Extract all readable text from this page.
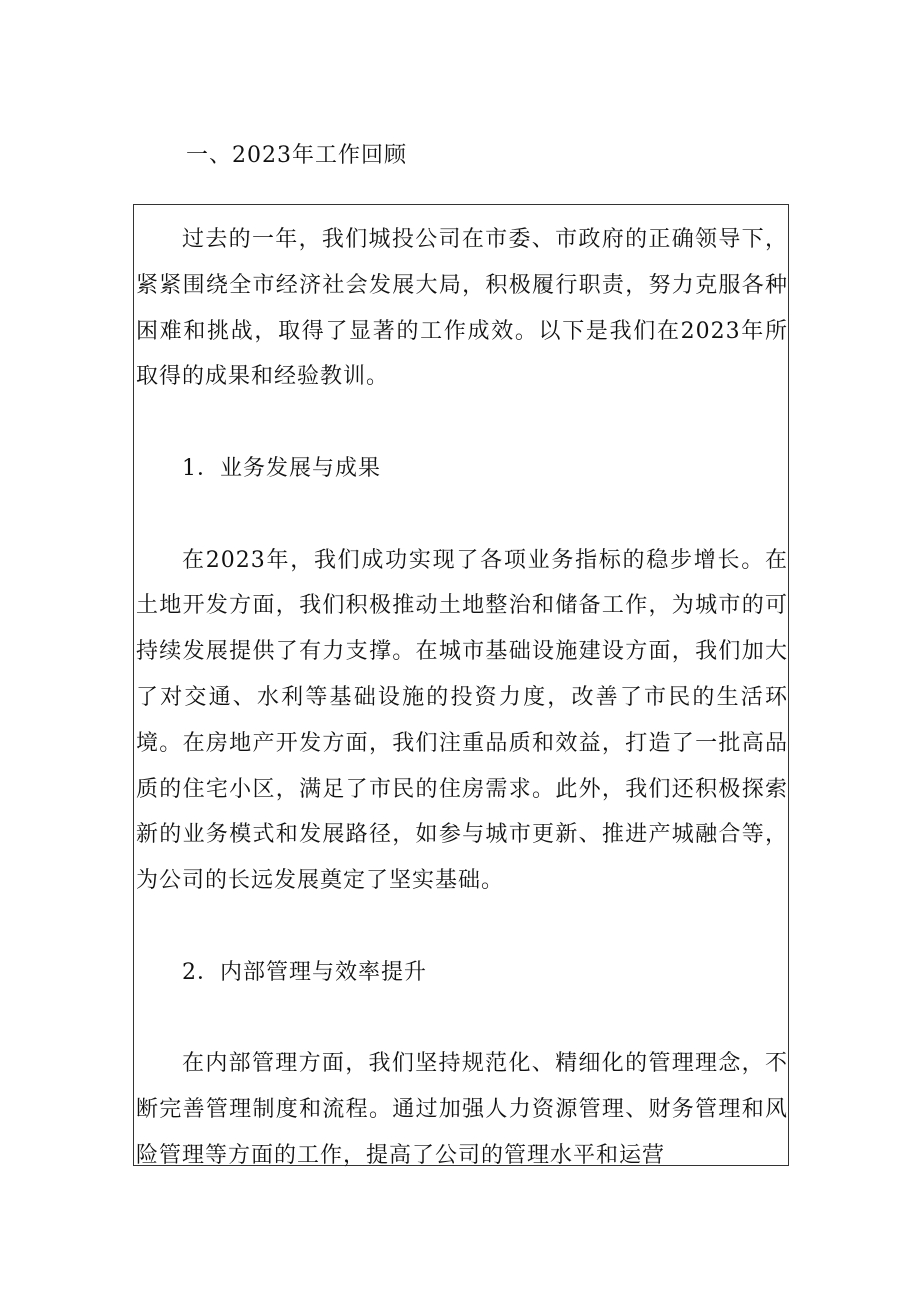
一、2023年工作回顾

过去的一年，我们城投公司在市委、市政府的正确领导下，紧紧围绕全市经济社会发展大局，积极履行职责，努力克服各种困难和挑战，取得了显著的工作成效。以下是我们在2023年所取得的成果和经验教训。

1．业务发展与成果

在2023年，我们成功实现了各项业务指标的稳步增长。在土地开发方面，我们积极推动土地整治和储备工作，为城市的可持续发展提供了有力支撑。在城市基础设施建设方面，我们加大了对交通、水利等基础设施的投资力度，改善了市民的生活环境。在房地产开发方面，我们注重品质和效益，打造了一批高品质的住宅小区，满足了市民的住房需求。此外，我们还积极探索新的业务模式和发展路径，如参与城市更新、推进产城融合等，为公司的长远发展奠定了坚实基础。

2．内部管理与效率提升

在内部管理方面，我们坚持规范化、精细化的管理理念，不断完善管理制度和流程。通过加强人力资源管理、财务管理和风险管理等方面的工作，提高了公司的管理水平和运营
